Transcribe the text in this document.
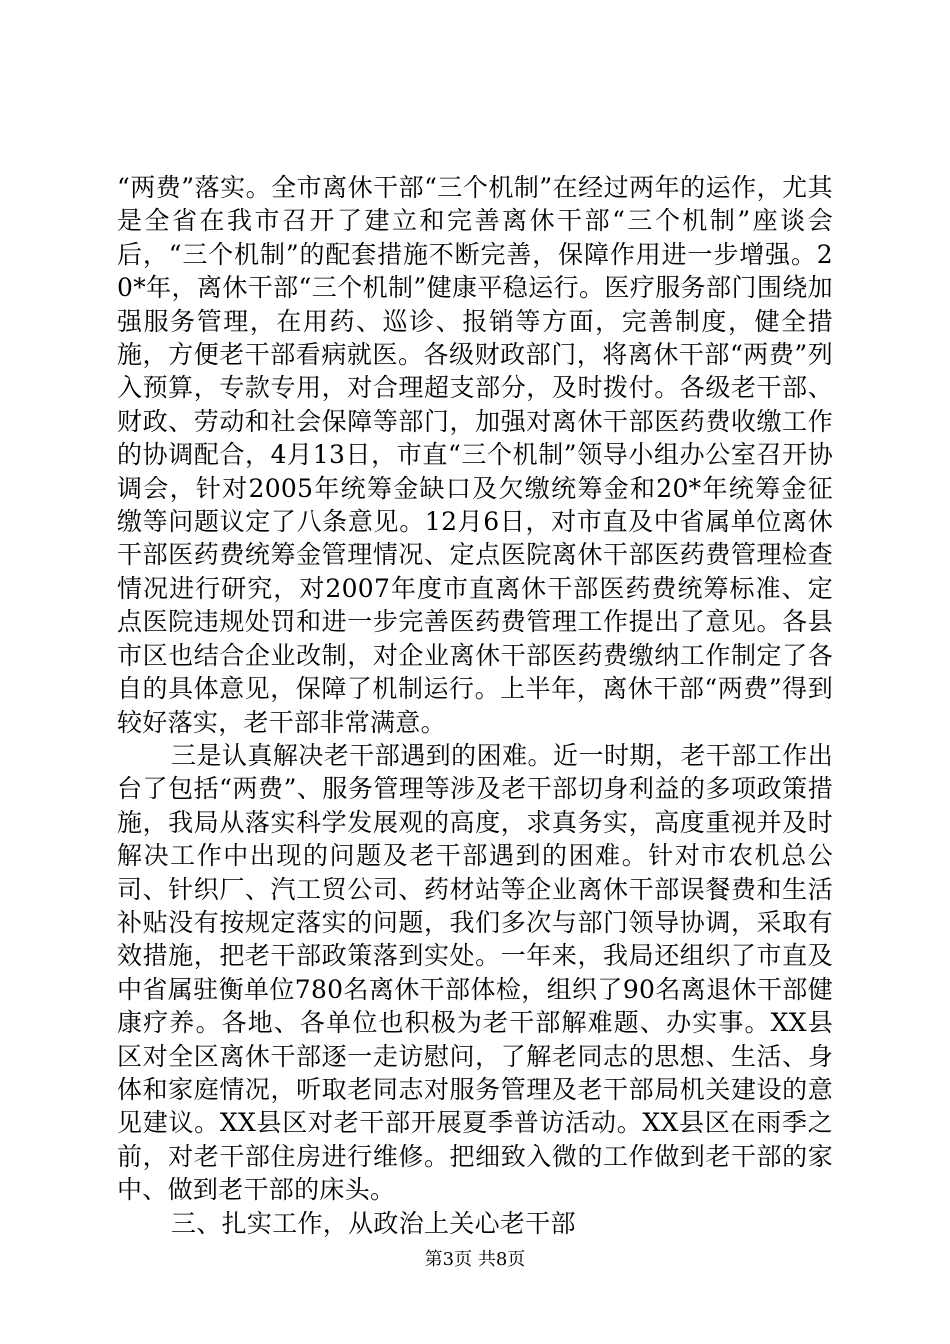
“两费”落实。全市离休干部“三个机制”在经过两年的运作，尤其是全省在我市召开了建立和完善离休干部“三个机制”座谈会后，“三个机制”的配套措施不断完善，保障作用进一步增强。20*年，离休干部“三个机制”健康平稳运行。医疗服务部门围绕加强服务管理，在用药、巡诊、报销等方面，完善制度，健全措施，方便老干部看病就医。各级财政部门，将离休干部“两费”列入预算，专款专用，对合理超支部分，及时拨付。各级老干部、财政、劳动和社会保障等部门，加强对离休干部医药费收缴工作的协调配合，4月13日，市直“三个机制”领导小组办公室召开协调会，针对2005年统筹金缺口及欠缴统筹金和20*年统筹金征缴等问题议定了八条意见。12月6日，对市直及中省属单位离休干部医药费统筹金管理情况、定点医院离休干部医药费管理检查情况进行研究，对2007年度市直离休干部医药费统筹标准、定点医院违规处罚和进一步完善医药费管理工作提出了意见。各县市区也结合企业改制，对企业离休干部医药费缴纳工作制定了各自的具体意见，保障了机制运行。上半年，离休干部“两费”得到较好落实，老干部非常满意。

三是认真解决老干部遇到的困难。近一时期，老干部工作出台了包括“两费”、服务管理等涉及老干部切身利益的多项政策措施，我局从落实科学发展观的高度，求真务实，高度重视并及时解决工作中出现的问题及老干部遇到的困难。针对市农机总公司、针织厂、汽工贸公司、药材站等企业离休干部误餐费和生活补贴没有按规定落实的问题，我们多次与部门领导协调，采取有效措施，把老干部政策落到实处。一年来，我局还组织了市直及中省属驻衡单位780名离休干部体检，组织了90名离退休干部健康疗养。各地、各单位也积极为老干部解难题、办实事。XX县区对全区离休干部逐一走访慰问，了解老同志的思想、生活、身体和家庭情况，听取老同志对服务管理及老干部局机关建设的意见建议。XX县区对老干部开展夏季普访活动。XX县区在雨季之前，对老干部住房进行维修。把细致入微的工作做到老干部的家中、做到老干部的床头。

三、扎实工作，从政治上关心老干部

第3页 共8页
